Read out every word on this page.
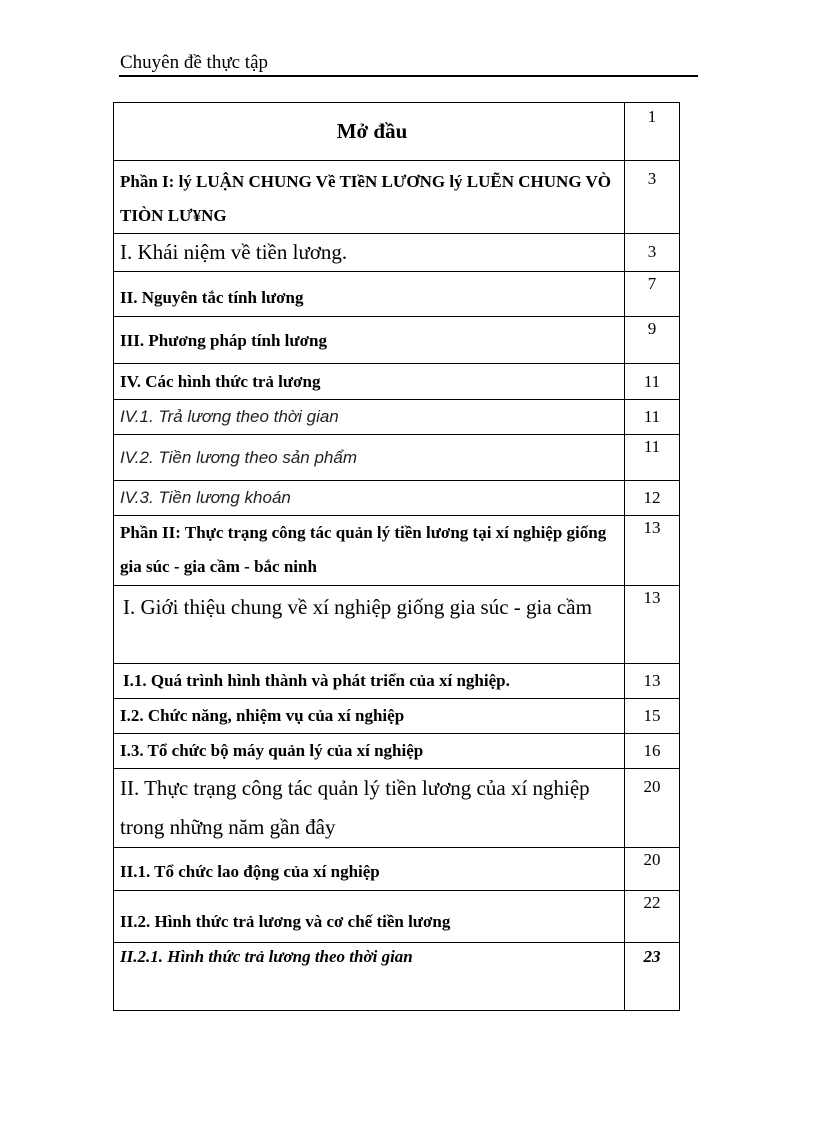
Chuyên đề thực tập
Mở đầu	1

Phần I: lý LUẬN CHUNG Về TIềN LƯƠNG lý LUẼN CHUNG VÒ TIÒN LƯ¥NG	3

I. Khái niệm về tiền lương.	3

II. Nguyên tắc tính lương	7

III. Phương pháp tính lương	9

IV. Các hình thức trả lương	11

IV.1. Trả lương theo thời gian	11

IV.2. Tiền lương theo sản phẩm	11

IV.3. Tiền lương khoán	12

Phần II: Thực trạng công tác quản lý tiền lương tại xí nghiệp giống gia súc - gia cầm - bắc ninh	13

I. Giới thiệu chung về xí nghiệp giống gia súc - gia cầm	13

I.1. Quá trình hình thành và phát triển của xí nghiệp.	13

I.2. Chức năng, nhiệm vụ của xí nghiệp	15

I.3. Tổ chức bộ máy quản lý của xí nghiệp	16

II. Thực trạng công tác quản lý tiền lương của xí nghiệp trong những năm gần đây	20

II.1. Tổ chức lao động của xí nghiệp	20

II.2. Hình thức trả lương và cơ chế tiền lương	22

II.2.1. Hình thức trả lương theo thời gian	23
